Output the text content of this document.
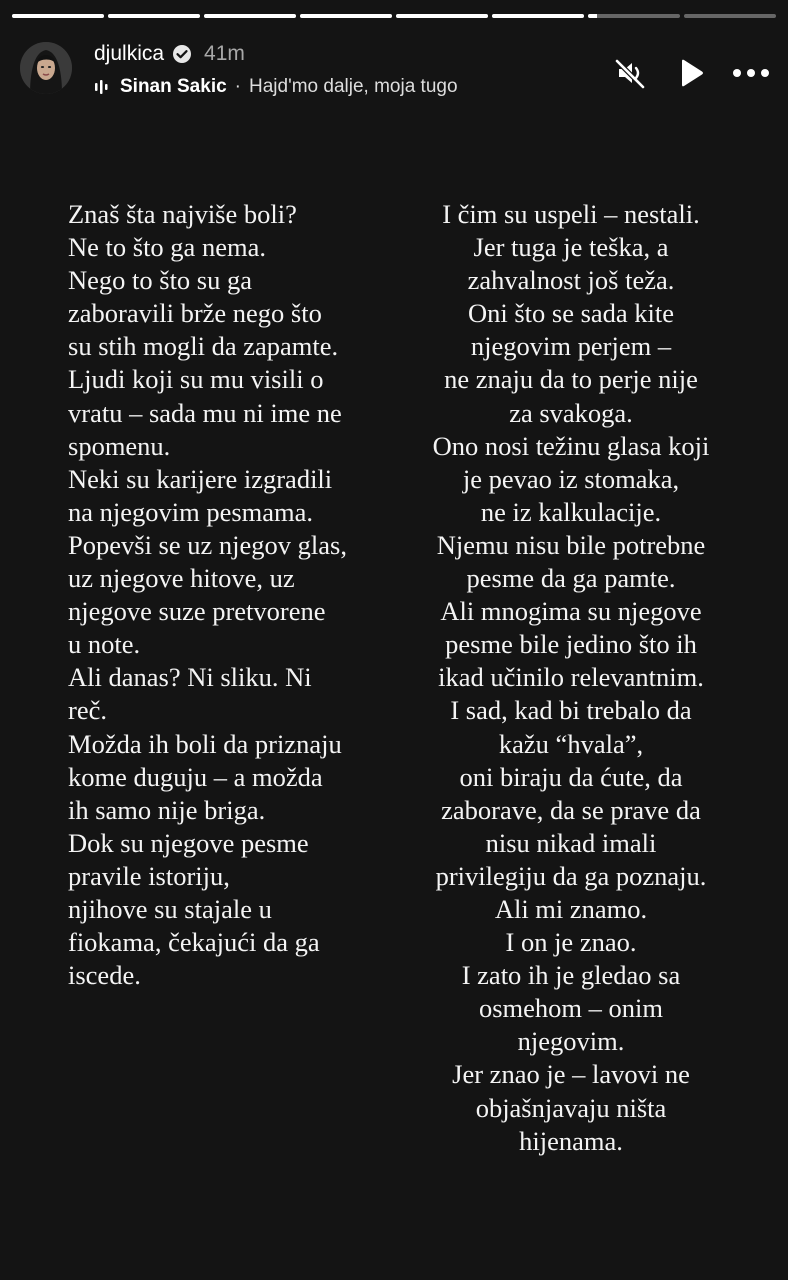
djulkica 41m
Sinan Sakic · Hajd'mo dalje, moja tugo
Znaš šta najviše boli?
Ne to što ga nema.
Nego to što su ga
zaboravili brže nego što
su stih mogli da zapamte.
Ljudi koji su mu visili o
vratu – sada mu ni ime ne
spomenu.
Neki su karijere izgradili
na njegovim pesmama.
Popevši se uz njegov glas,
uz njegove hitove, uz
njegove suze pretvorene
u note.
Ali danas? Ni sliku. Ni
reč.
Možda ih boli da priznaju
kome duguju – a možda
ih samo nije briga.
Dok su njegove pesme
pravile istoriju,
njihove su stajale u
fiokama, čekajući da ga
iscede.
I čim su uspeli – nestali.
Jer tuga je teška, a
zahvalnost još teža.
Oni što se sada kite
njegovim perjem –
ne znaju da to perje nije
za svakoga.
Ono nosi težinu glasa koji
je pevao iz stomaka,
ne iz kalkulacije.
Njemu nisu bile potrebne
pesme da ga pamte.
Ali mnogima su njegove
pesme bile jedino što ih
ikad učinilo relevantnim.
I sad, kad bi trebalo da
kažu “hvala”,
oni biraju da ćute, da
zaborave, da se prave da
nisu nikad imali
privilegiju da ga poznaju.
Ali mi znamo.
I on je znao.
I zato ih je gledao sa
osmehom – onim
njegovim.
Jer znao je – lavovi ne
objašnjavaju ništa
hijenama.
